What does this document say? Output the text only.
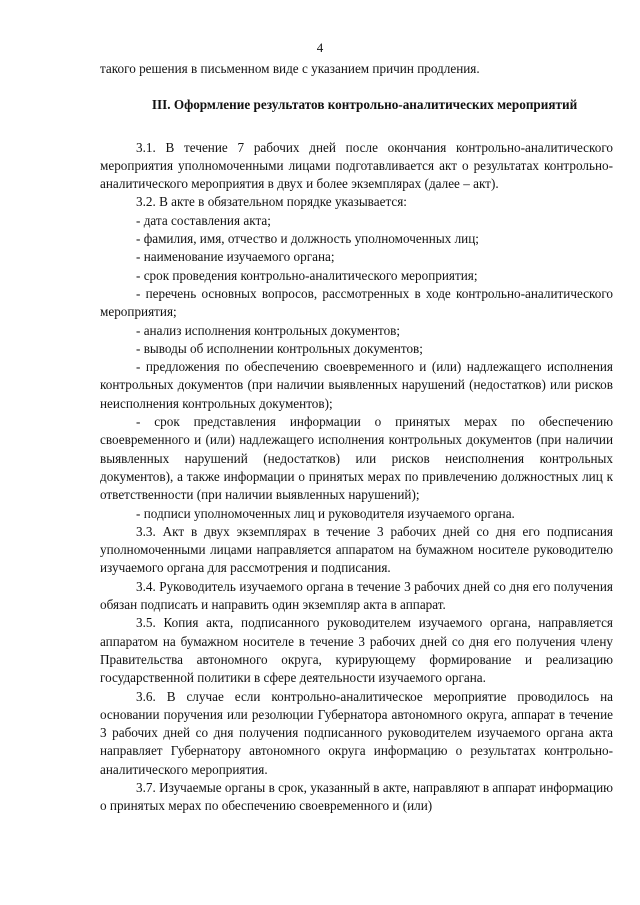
4

такого решения в письменном виде с указанием причин продления.

III. Оформление результатов контрольно-аналитических мероприятий

3.1. В течение 7 рабочих дней после окончания контрольно-аналитического мероприятия уполномоченными лицами подготавливается акт о результатах контрольно-аналитического мероприятия в двух и более экземплярах (далее – акт).

3.2. В акте в обязательном порядке указывается:

- дата составления акта;

- фамилия, имя, отчество и должность уполномоченных лиц;

- наименование изучаемого органа;

- срок проведения контрольно-аналитического мероприятия;

- перечень основных вопросов, рассмотренных в ходе контрольно-аналитического мероприятия;

- анализ исполнения контрольных документов;

- выводы об исполнении контрольных документов;

- предложения по обеспечению своевременного и (или) надлежащего исполнения контрольных документов (при наличии выявленных нарушений (недостатков) или рисков неисполнения контрольных документов);

- срок представления информации о принятых мерах по обеспечению своевременного и (или) надлежащего исполнения контрольных документов (при наличии выявленных нарушений (недостатков) или рисков неисполнения контрольных документов), а также информации о принятых мерах по привлечению должностных лиц к ответственности (при наличии выявленных нарушений);

- подписи уполномоченных лиц и руководителя изучаемого органа.

3.3. Акт в двух экземплярах в течение 3 рабочих дней со дня его подписания уполномоченными лицами направляется аппаратом на бумажном носителе руководителю изучаемого органа для рассмотрения и подписания.

3.4. Руководитель изучаемого органа в течение 3 рабочих дней со дня его получения обязан подписать и направить один экземпляр акта в аппарат.

3.5. Копия акта, подписанного руководителем изучаемого органа, направляется аппаратом на бумажном носителе в течение 3 рабочих дней со дня его получения члену Правительства автономного округа, курирующему формирование и реализацию государственной политики в сфере деятельности изучаемого органа.

3.6. В случае если контрольно-аналитическое мероприятие проводилось на основании поручения или резолюции Губернатора автономного округа, аппарат в течение 3 рабочих дней со дня получения подписанного руководителем изучаемого органа акта направляет Губернатору автономного округа информацию о результатах контрольно-аналитического мероприятия.

3.7. Изучаемые органы в срок, указанный в акте, направляют в аппарат информацию о принятых мерах по обеспечению своевременного и (или)
